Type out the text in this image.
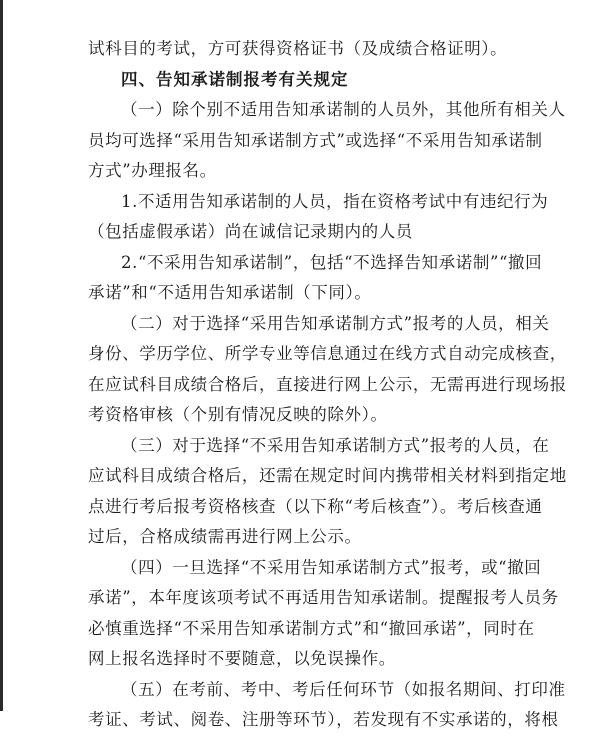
试科目的考试，方可获得资格证书（及成绩合格证明）。
四、告知承诺制报考有关规定
（一）除个别不适用告知承诺制的人员外，其他所有相关人
员均可选择“采用告知承诺制方式”或选择“不采用告知承诺制
方式”办理报名。
1.不适用告知承诺制的人员，指在资格考试中有违纪行为
（包括虚假承诺）尚在诚信记录期内的人员
2.“不采用告知承诺制”，包括“不选择告知承诺制”“撤回
承诺”和“不适用告知承诺制（下同）。
（二）对于选择“采用告知承诺制方式”报考的人员，相关
身份、学历学位、所学专业等信息通过在线方式自动完成核查，
在应试科目成绩合格后，直接进行网上公示，无需再进行现场报
考资格审核（个别有情况反映的除外）。
（三）对于选择“不采用告知承诺制方式”报考的人员，在
应试科目成绩合格后，还需在规定时间内携带相关材料到指定地
点进行考后报考资格核查（以下称“考后核查”）。考后核查通
过后，合格成绩需再进行网上公示。
（四）一旦选择“不采用告知承诺制方式”报考，或“撤回
承诺”，本年度该项考试不再适用告知承诺制。提醒报考人员务
必慎重选择“不采用告知承诺制方式”和“撤回承诺”，同时在
网上报名选择时不要随意，以免误操作。
（五）在考前、考中、考后任何环节（如报名期间、打印准
考证、考试、阅卷、注册等环节），若发现有不实承诺的，将根
